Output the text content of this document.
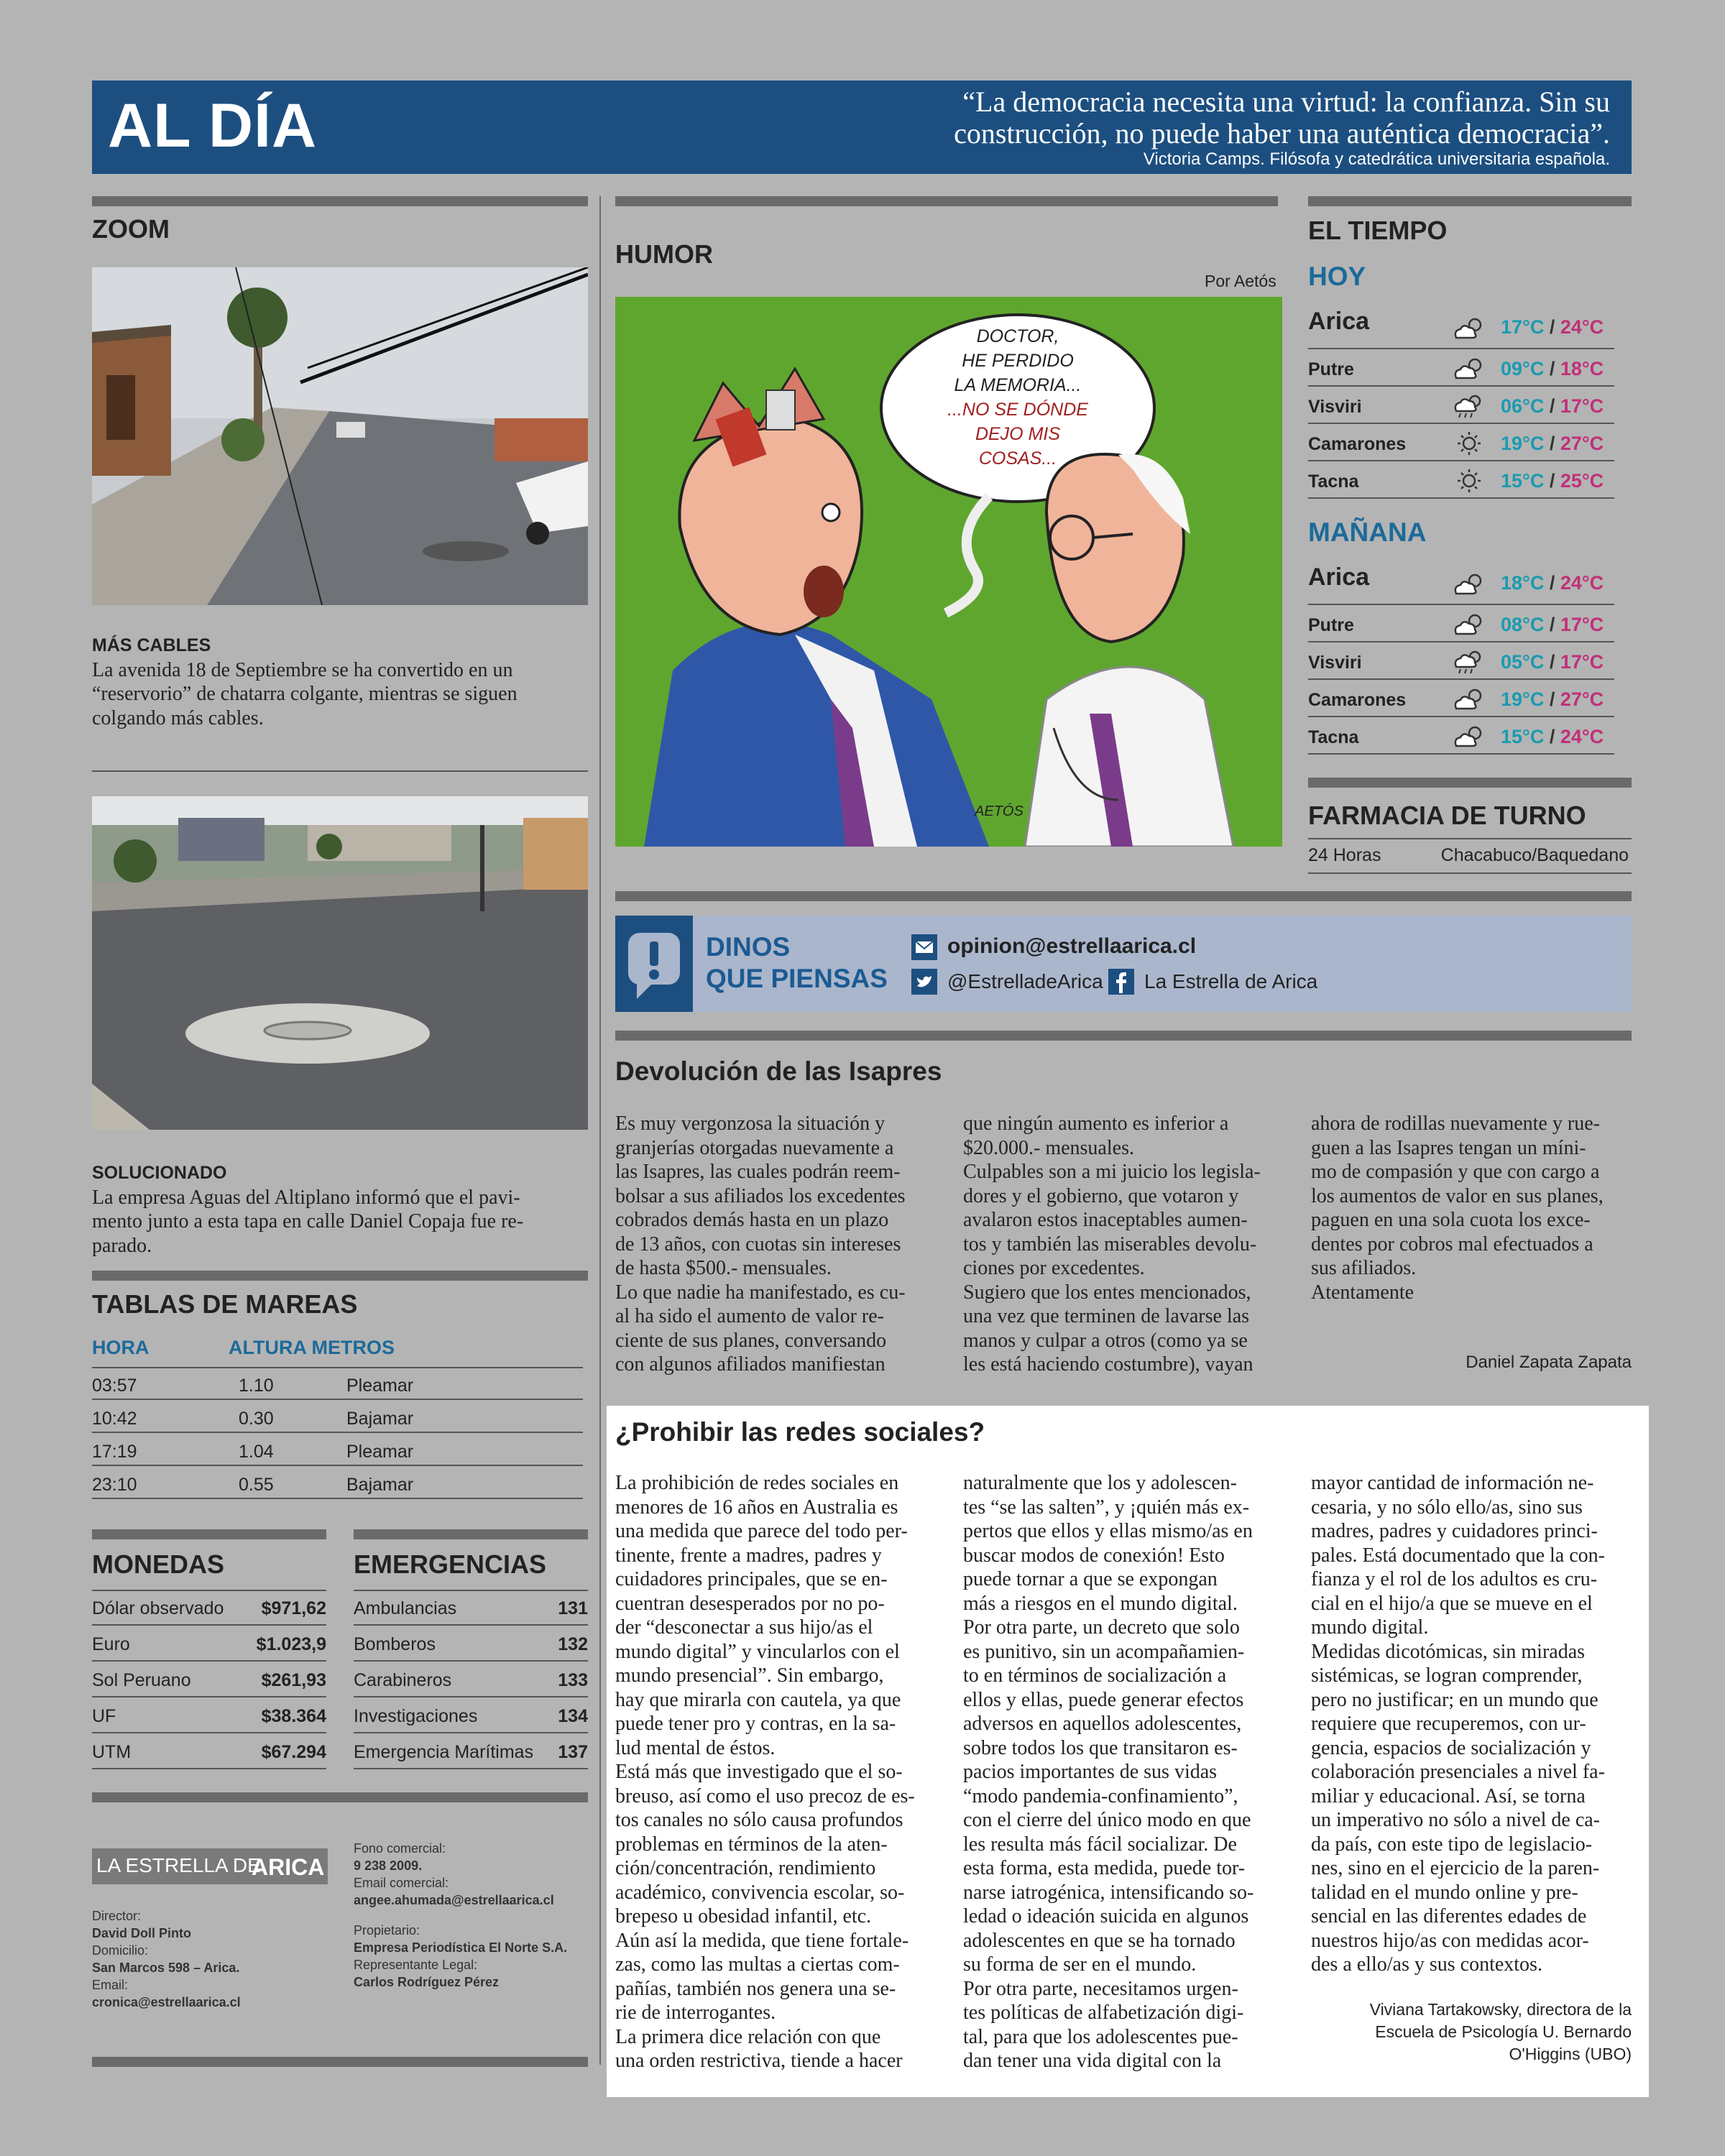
AL DÍA	“La democracia necesita una virtud: la confianza. Sin su
construcción, no puede haber una auténtica democracia”.
Victoria Camps. Filósofa y catedrática universitaria española.
ZOOM
MÁS CABLES
La avenida 18 de Septiembre se ha convertido en un
“reservorio” de chatarra colgante, mientras se siguen
colgando más cables.
SOLUCIONADO
La empresa Aguas del Altiplano informó que el pavi-
mento junto a esta tapa en calle Daniel Copaja fue re-
parado.
TABLAS DE MAREAS
HORA	ALTURA METROS
03:57	1.10	Pleamar
10:42	0.30	Bajamar
17:19	1.04	Pleamar
23:10	0.55	Bajamar
MONEDAS	EMERGENCIAS
Dólar observado $971,62
Euro	$1.023,9
Sol Peruano	$261,93
UF	$38.364
UTM	$67.294
Ambulancias	131
Bomberos	132
Carabineros	133
Investigaciones	134
Emergencia Marítimas 137
LA ESTRELLA DE
ARICA
Director:
David Doll Pinto
Domicilio:
San Marcos 598 – Arica.
Email:
cronica@estrellaarica.cl
Fono comercial:
9 238 2009.
Email comercial:
angee.ahumada@estrellaarica.cl
Propietario:
Empresa Periodística El Norte S.A.
Representante Legal:
Carlos Rodríguez Pérez
HUMOR
Por Aetós
DOCTOR,
HE PERDIDO
LA MEMORIA...
...NO SE DÓNDE
DEJO MIS
COSAS...
AETÓS
EL TIEMPO
HOY
Arica	17°C / 24°C
Putre	09°C / 18°C
Visviri	06°C / 17°C
Camarones	19°C / 27°C
Tacna	15°C / 25°C
MAÑANA
Arica	18°C / 24°C
Putre	08°C / 17°C
Visviri	05°C / 17°C
Camarones	19°C / 27°C
Tacna	15°C / 24°C
FARMACIA DE TURNO
24 Horas	Chacabuco/Baquedano
DINOS
QUE PIENSAS
opinion@estrellaarica.cl
@EstrelladeArica La Estrella de Arica
Devolución de las Isapres
Es muy vergonzosa la situación y
granjerías otorgadas nuevamente a
las Isapres, las cuales podrán reem-
bolsar a sus afiliados los excedentes
cobrados demás hasta en un plazo
de 13 años, con cuotas sin intereses
de hasta $500.- mensuales.
Lo que nadie ha manifestado, es cu-
al ha sido el aumento de valor re-
ciente de sus planes, conversando
con algunos afiliados manifiestan
que ningún aumento es inferior a
$20.000.- mensuales.
Culpables son a mi juicio los legisla-
dores y el gobierno, que votaron y
avalaron estos inaceptables aumen-
tos y también las miserables devolu-
ciones por excedentes.
Sugiero que los entes mencionados,
una vez que terminen de lavarse las
manos y culpar a otros (como ya se
les está haciendo costumbre), vayan
ahora de rodillas nuevamente y rue-
guen a las Isapres tengan un míni-
mo de compasión y que con cargo a
los aumentos de valor en sus planes,
paguen en una sola cuota los exce-
dentes por cobros mal efectuados a
sus afiliados.
Atentamente
Daniel Zapata Zapata
¿Prohibir las redes sociales?
La prohibición de redes sociales en
menores de 16 años en Australia es
una medida que parece del todo per-
tinente, frente a madres, padres y
cuidadores principales, que se en-
cuentran desesperados por no po-
der “desconectar a sus hijo/as el
mundo digital” y vincularlos con el
mundo presencial”. Sin embargo,
hay que mirarla con cautela, ya que
puede tener pro y contras, en la sa-
lud mental de éstos.
Está más que investigado que el so-
breuso, así como el uso precoz de es-
tos canales no sólo causa profundos
problemas en términos de la aten-
ción/concentración, rendimiento
académico, convivencia escolar, so-
brepeso u obesidad infantil, etc.
Aún así la medida, que tiene fortale-
zas, como las multas a ciertas com-
pañías, también nos genera una se-
rie de interrogantes.
La primera dice relación con que
una orden restrictiva, tiende a hacer
naturalmente que los y adolescen-
tes “se las salten”, y ¡quién más ex-
pertos que ellos y ellas mismo/as en
buscar modos de conexión! Esto
puede tornar a que se expongan
más a riesgos en el mundo digital.
Por otra parte, un decreto que solo
es punitivo, sin un acompañamien-
to en términos de socialización a
ellos y ellas, puede generar efectos
adversos en aquellos adolescentes,
sobre todos los que transitaron es-
pacios importantes de sus vidas
“modo pandemia-confinamiento”,
con el cierre del único modo en que
les resulta más fácil socializar. De
esta forma, esta medida, puede tor-
narse iatrogénica, intensificando so-
ledad o ideación suicida en algunos
adolescentes en que se ha tornado
su forma de ser en el mundo.
Por otra parte, necesitamos urgen-
tes políticas de alfabetización digi-
tal, para que los adolescentes pue-
dan tener una vida digital con la
mayor cantidad de información ne-
cesaria, y no sólo ello/as, sino sus
madres, padres y cuidadores princi-
pales. Está documentado que la con-
fianza y el rol de los adultos es cru-
cial en el hijo/a que se mueve en el
mundo digital.
Medidas dicotómicas, sin miradas
sistémicas, se logran comprender,
pero no justificar; en un mundo que
requiere que recuperemos, con ur-
gencia, espacios de socialización y
colaboración presenciales a nivel fa-
miliar y educacional. Así, se torna
un imperativo no sólo a nivel de ca-
da país, con este tipo de legislacio-
nes, sino en el ejercicio de la paren-
talidad en el mundo online y pre-
sencial en las diferentes edades de
nuestros hijo/as con medidas acor-
des a ello/as y sus contextos.
Viviana Tartakowsky, directora de la
Escuela de Psicología U. Bernardo
O'Higgins (UBO)
